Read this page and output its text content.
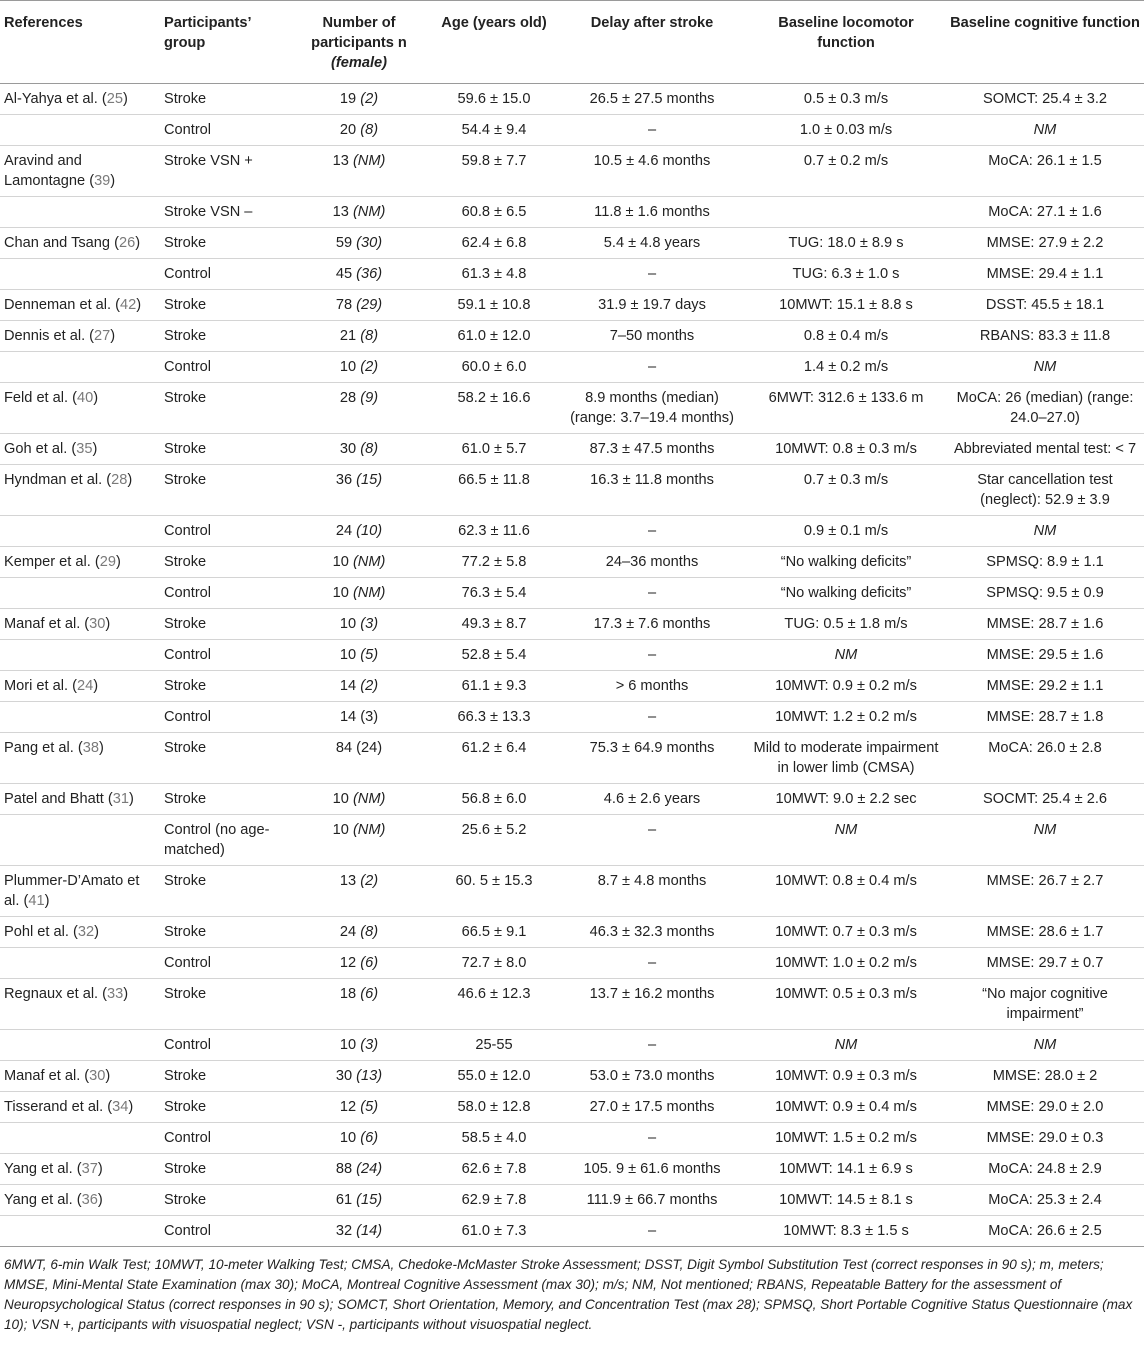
References	Participants’ group	Number of participants n (female)	Age (years old)	Delay after stroke	Baseline locomotor function	Baseline cognitive function
Al-Yahya et al. (25)	Stroke	19 (2)	59.6 ± 15.0	26.5 ± 27.5 months	0.5 ± 0.3 m/s	SOMCT: 25.4 ± 3.2
	Control	20 (8)	54.4 ± 9.4	–	1.0 ± 0.03 m/s	NM
Aravind and Lamontagne (39)	Stroke VSN +	13 (NM)	59.8 ± 7.7	10.5 ± 4.6 months	0.7 ± 0.2 m/s	MoCA: 26.1 ± 1.5
	Stroke VSN –	13 (NM)	60.8 ± 6.5	11.8 ± 1.6 months		MoCA: 27.1 ± 1.6
Chan and Tsang (26)	Stroke	59 (30)	62.4 ± 6.8	5.4 ± 4.8 years	TUG: 18.0 ± 8.9 s	MMSE: 27.9 ± 2.2
	Control	45 (36)	61.3 ± 4.8	–	TUG: 6.3 ± 1.0 s	MMSE: 29.4 ± 1.1
Denneman et al. (42)	Stroke	78 (29)	59.1 ± 10.8	31.9 ± 19.7 days	10MWT: 15.1 ± 8.8 s	DSST: 45.5 ± 18.1
Dennis et al. (27)	Stroke	21 (8)	61.0 ± 12.0	7–50 months	0.8 ± 0.4 m/s	RBANS: 83.3 ± 11.8
	Control	10 (2)	60.0 ± 6.0	–	1.4 ± 0.2 m/s	NM
Feld et al. (40)	Stroke	28 (9)	58.2 ± 16.6	8.9 months (median) (range: 3.7–19.4 months)	6MWT: 312.6 ± 133.6 m	MoCA: 26 (median) (range: 24.0–27.0)
Goh et al. (35)	Stroke	30 (8)	61.0 ± 5.7	87.3 ± 47.5 months	10MWT: 0.8 ± 0.3 m/s	Abbreviated mental test: < 7
Hyndman et al. (28)	Stroke	36 (15)	66.5 ± 11.8	16.3 ± 11.8 months	0.7 ± 0.3 m/s	Star cancellation test (neglect): 52.9 ± 3.9
	Control	24 (10)	62.3 ± 11.6	–	0.9 ± 0.1 m/s	NM
Kemper et al. (29)	Stroke	10 (NM)	77.2 ± 5.8	24–36 months	“No walking deficits”	SPMSQ: 8.9 ± 1.1
	Control	10 (NM)	76.3 ± 5.4	–	“No walking deficits”	SPMSQ: 9.5 ± 0.9
Manaf et al. (30)	Stroke	10 (3)	49.3 ± 8.7	17.3 ± 7.6 months	TUG: 0.5 ± 1.8 m/s	MMSE: 28.7 ± 1.6
	Control	10 (5)	52.8 ± 5.4	–	NM	MMSE: 29.5 ± 1.6
Mori et al. (24)	Stroke	14 (2)	61.1 ± 9.3	> 6 months	10MWT: 0.9 ± 0.2 m/s	MMSE: 29.2 ± 1.1
	Control	14 (3)	66.3 ± 13.3	–	10MWT: 1.2 ± 0.2 m/s	MMSE: 28.7 ± 1.8
Pang et al. (38)	Stroke	84 (24)	61.2 ± 6.4	75.3 ± 64.9 months	Mild to moderate impairment in lower limb (CMSA)	MoCA: 26.0 ± 2.8
Patel and Bhatt (31)	Stroke	10 (NM)	56.8 ± 6.0	4.6 ± 2.6 years	10MWT: 9.0 ± 2.2 sec	SOCMT: 25.4 ± 2.6
	Control (no age-matched)	10 (NM)	25.6 ± 5.2	–	NM	NM
Plummer-D’Amato et al. (41)	Stroke	13 (2)	60. 5 ± 15.3	8.7 ± 4.8 months	10MWT: 0.8 ± 0.4 m/s	MMSE: 26.7 ± 2.7
Pohl et al. (32)	Stroke	24 (8)	66.5 ± 9.1	46.3 ± 32.3 months	10MWT: 0.7 ± 0.3 m/s	MMSE: 28.6 ± 1.7
	Control	12 (6)	72.7 ± 8.0	–	10MWT: 1.0 ± 0.2 m/s	MMSE: 29.7 ± 0.7
Regnaux et al. (33)	Stroke	18 (6)	46.6 ± 12.3	13.7 ± 16.2 months	10MWT: 0.5 ± 0.3 m/s	“No major cognitive impairment”
	Control	10 (3)	25-55	–	NM	NM
Manaf et al. (30)	Stroke	30 (13)	55.0 ± 12.0	53.0 ± 73.0 months	10MWT: 0.9 ± 0.3 m/s	MMSE: 28.0 ± 2
Tisserand et al. (34)	Stroke	12 (5)	58.0 ± 12.8	27.0 ± 17.5 months	10MWT: 0.9 ± 0.4 m/s	MMSE: 29.0 ± 2.0
	Control	10 (6)	58.5 ± 4.0	–	10MWT: 1.5 ± 0.2 m/s	MMSE: 29.0 ± 0.3
Yang et al. (37)	Stroke	88 (24)	62.6 ± 7.8	105. 9 ± 61.6 months	10MWT: 14.1 ± 6.9 s	MoCA: 24.8 ± 2.9
Yang et al. (36)	Stroke	61 (15)	62.9 ± 7.8	111.9 ± 66.7 months	10MWT: 14.5 ± 8.1 s	MoCA: 25.3 ± 2.4
	Control	32 (14)	61.0 ± 7.3	–	10MWT: 8.3 ± 1.5 s	MoCA: 26.6 ± 2.5
6MWT, 6-min Walk Test; 10MWT, 10-meter Walking Test; CMSA, Chedoke-McMaster Stroke Assessment; DSST, Digit Symbol Substitution Test (correct responses in 90 s); m, meters; MMSE, Mini-Mental State Examination (max 30); MoCA, Montreal Cognitive Assessment (max 30); m/s; NM, Not mentioned; RBANS, Repeatable Battery for the assessment of Neuropsychological Status (correct responses in 90 s); SOMCT, Short Orientation, Memory, and Concentration Test (max 28); SPMSQ, Short Portable Cognitive Status Questionnaire (max 10); VSN +, participants with visuospatial neglect; VSN -, participants without visuospatial neglect.
